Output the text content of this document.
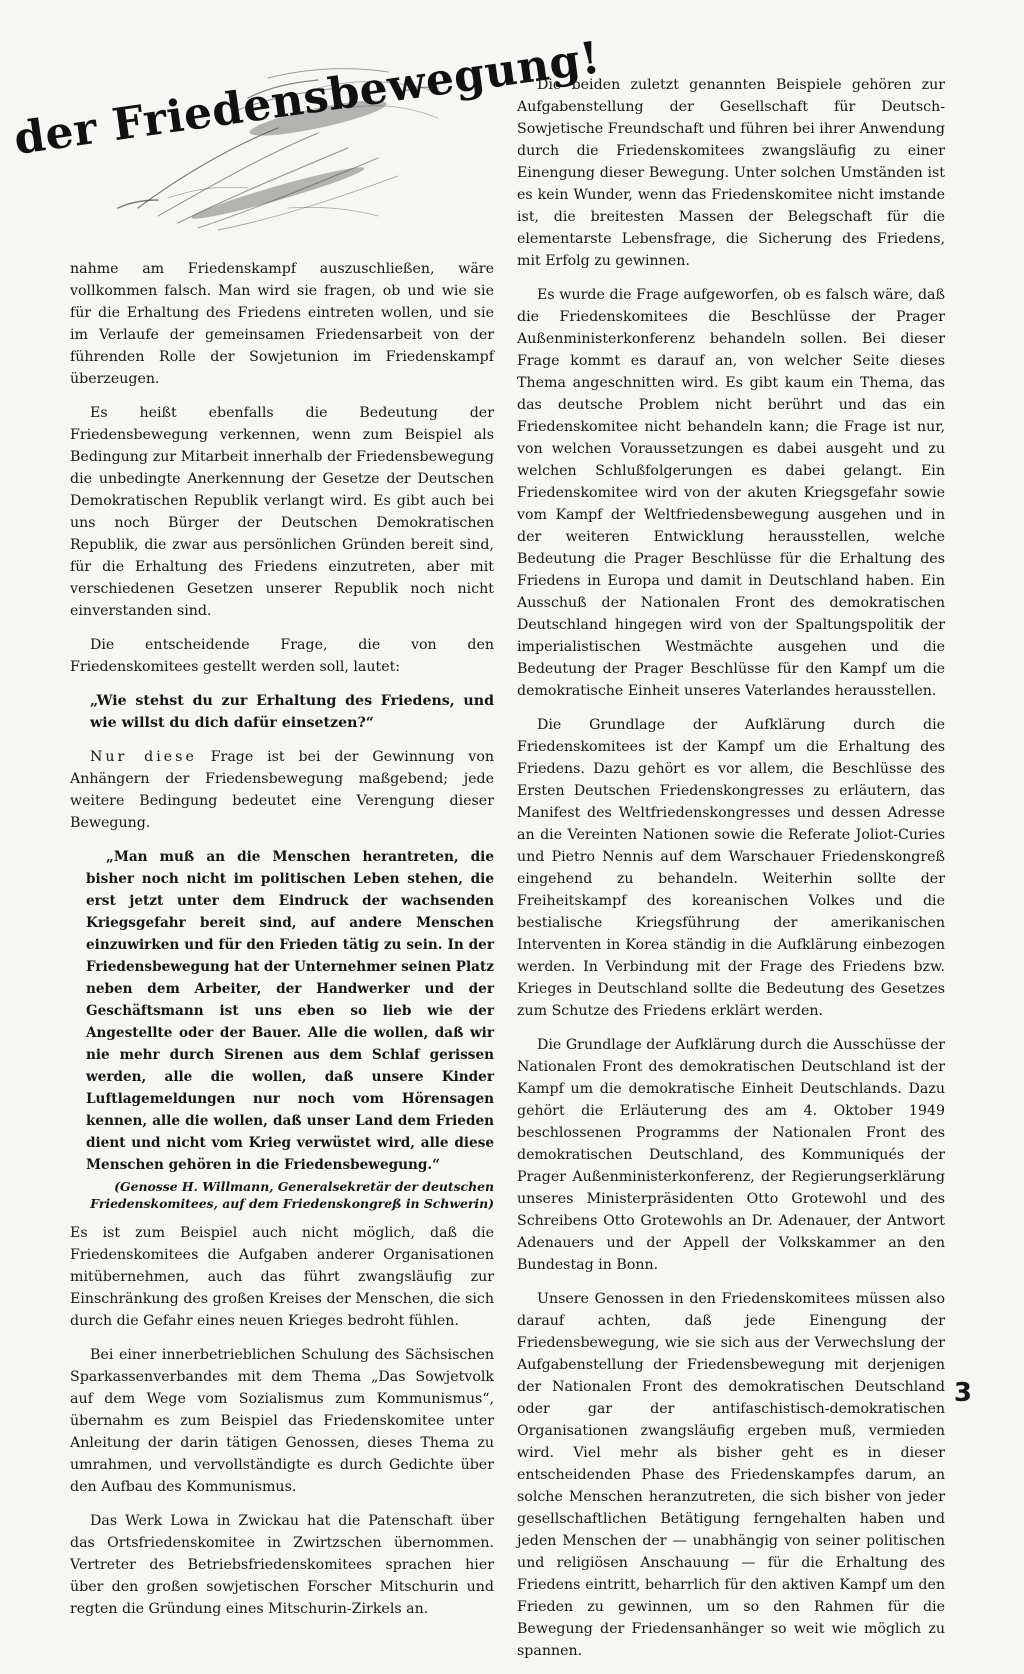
der Friedensbewegung!

nahme am Friedenskampf auszuschließen, wäre vollkommen falsch. Man wird sie fragen, ob und wie sie für die Erhaltung des Friedens eintreten wollen, und sie im Verlaufe der gemeinsamen Friedensarbeit von der führenden Rolle der Sowjetunion im Friedenskampf überzeugen.

Es heißt ebenfalls die Bedeutung der Friedensbewegung verkennen, wenn zum Beispiel als Bedingung zur Mitarbeit innerhalb der Friedensbewegung die unbedingte Anerkennung der Gesetze der Deutschen Demokratischen Republik verlangt wird. Es gibt auch bei uns noch Bürger der Deutschen Demokratischen Republik, die zwar aus persönlichen Gründen bereit sind, für die Erhaltung des Friedens einzutreten, aber mit verschiedenen Gesetzen unserer Republik noch nicht einverstanden sind.

Die entscheidende Frage, die von den Friedenskomitees gestellt werden soll, lautet:

„Wie stehst du zur Erhaltung des Friedens, und wie willst du dich dafür einsetzen?“

Nur diese Frage ist bei der Gewinnung von Anhängern der Friedensbewegung maßgebend; jede weitere Bedingung bedeutet eine Verengung dieser Bewegung.

„Man muß an die Menschen herantreten, die bisher noch nicht im politischen Leben stehen, die erst jetzt unter dem Eindruck der wachsenden Kriegsgefahr bereit sind, auf andere Menschen einzuwirken und für den Frieden tätig zu sein. In der Friedensbewegung hat der Unternehmer seinen Platz neben dem Arbeiter, der Handwerker und der Geschäftsmann ist uns eben so lieb wie der Angestellte oder der Bauer. Alle die wollen, daß wir nie mehr durch Sirenen aus dem Schlaf gerissen werden, alle die wollen, daß unsere Kinder Luftlagemeldungen nur noch vom Hörensagen kennen, alle die wollen, daß unser Land dem Frieden dient und nicht vom Krieg verwüstet wird, alle diese Menschen gehören in die Friedensbewegung.“

(Genosse H. Willmann, Generalsekretär der deutschen Friedenskomitees, auf dem Friedenskongreß in Schwerin)

Es ist zum Beispiel auch nicht möglich, daß die Friedenskomitees die Aufgaben anderer Organisationen mitübernehmen, auch das führt zwangsläufig zur Einschränkung des großen Kreises der Menschen, die sich durch die Gefahr eines neuen Krieges bedroht fühlen.

Bei einer innerbetrieblichen Schulung des Sächsischen Sparkassenverbandes mit dem Thema „Das Sowjetvolk auf dem Wege vom Sozialismus zum Kommunismus“, übernahm es zum Beispiel das Friedenskomitee unter Anleitung der darin tätigen Genossen, dieses Thema zu umrahmen, und vervollständigte es durch Gedichte über den Aufbau des Kommunismus.

Das Werk Lowa in Zwickau hat die Patenschaft über das Ortsfriedenskomitee in Zwirtzschen übernommen. Vertreter des Betriebsfriedenskomitees sprachen hier über den großen sowjetischen Forscher Mitschurin und regten die Gründung eines Mitschurin-Zirkels an.

Die beiden zuletzt genannten Beispiele gehören zur Aufgabenstellung der Gesellschaft für Deutsch-Sowjetische Freundschaft und führen bei ihrer Anwendung durch die Friedenskomitees zwangsläufig zu einer Einengung dieser Bewegung. Unter solchen Umständen ist es kein Wunder, wenn das Friedenskomitee nicht imstande ist, die breitesten Massen der Belegschaft für die elementarste Lebensfrage, die Sicherung des Friedens, mit Erfolg zu gewinnen.

Es wurde die Frage aufgeworfen, ob es falsch wäre, daß die Friedenskomitees die Beschlüsse der Prager Außenministerkonferenz behandeln sollen. Bei dieser Frage kommt es darauf an, von welcher Seite dieses Thema angeschnitten wird. Es gibt kaum ein Thema, das das deutsche Problem nicht berührt und das ein Friedenskomitee nicht behandeln kann; die Frage ist nur, von welchen Voraussetzungen es dabei ausgeht und zu welchen Schlußfolgerungen es dabei gelangt. Ein Friedenskomitee wird von der akuten Kriegsgefahr sowie vom Kampf der Weltfriedensbewegung ausgehen und in der weiteren Entwicklung herausstellen, welche Bedeutung die Prager Beschlüsse für die Erhaltung des Friedens in Europa und damit in Deutschland haben. Ein Ausschuß der Nationalen Front des demokratischen Deutschland hingegen wird von der Spaltungspolitik der imperialistischen Westmächte ausgehen und die Bedeutung der Prager Beschlüsse für den Kampf um die demokratische Einheit unseres Vaterlandes herausstellen.

Die Grundlage der Aufklärung durch die Friedenskomitees ist der Kampf um die Erhaltung des Friedens. Dazu gehört es vor allem, die Beschlüsse des Ersten Deutschen Friedenskongresses zu erläutern, das Manifest des Weltfriedenskongresses und dessen Adresse an die Vereinten Nationen sowie die Referate Joliot-Curies und Pietro Nennis auf dem Warschauer Friedenskongreß eingehend zu behandeln. Weiterhin sollte der Freiheitskampf des koreanischen Volkes und die bestialische Kriegsführung der amerikanischen Interventen in Korea ständig in die Aufklärung einbezogen werden. In Verbindung mit der Frage des Friedens bzw. Krieges in Deutschland sollte die Bedeutung des Gesetzes zum Schutze des Friedens erklärt werden.

Die Grundlage der Aufklärung durch die Ausschüsse der Nationalen Front des demokratischen Deutschland ist der Kampf um die demokratische Einheit Deutschlands. Dazu gehört die Erläuterung des am 4. Oktober 1949 beschlossenen Programms der Nationalen Front des demokratischen Deutschland, des Kommuniqués der Prager Außenministerkonferenz, der Regierungserklärung unseres Ministerpräsidenten Otto Grotewohl und des Schreibens Otto Grotewohls an Dr. Adenauer, der Antwort Adenauers und der Appell der Volkskammer an den Bundestag in Bonn.

Unsere Genossen in den Friedenskomitees müssen also darauf achten, daß jede Einengung der Friedensbewegung, wie sie sich aus der Verwechslung der Aufgabenstellung der Friedensbewegung mit derjenigen der Nationalen Front des demokratischen Deutschland oder gar der antifaschistisch-demokratischen Organisationen zwangsläufig ergeben muß, vermieden wird. Viel mehr als bisher geht es in dieser entscheidenden Phase des Friedenskampfes darum, an solche Menschen heranzutreten, die sich bisher von jeder gesellschaftlichen Betätigung ferngehalten haben und jeden Menschen der — unabhängig von seiner politischen und religiösen Anschauung — für die Erhaltung des Friedens eintritt, beharrlich für den aktiven Kampf um den Frieden zu gewinnen, um so den Rahmen für die Bewegung der Friedensanhänger so weit wie möglich zu spannen.

3
